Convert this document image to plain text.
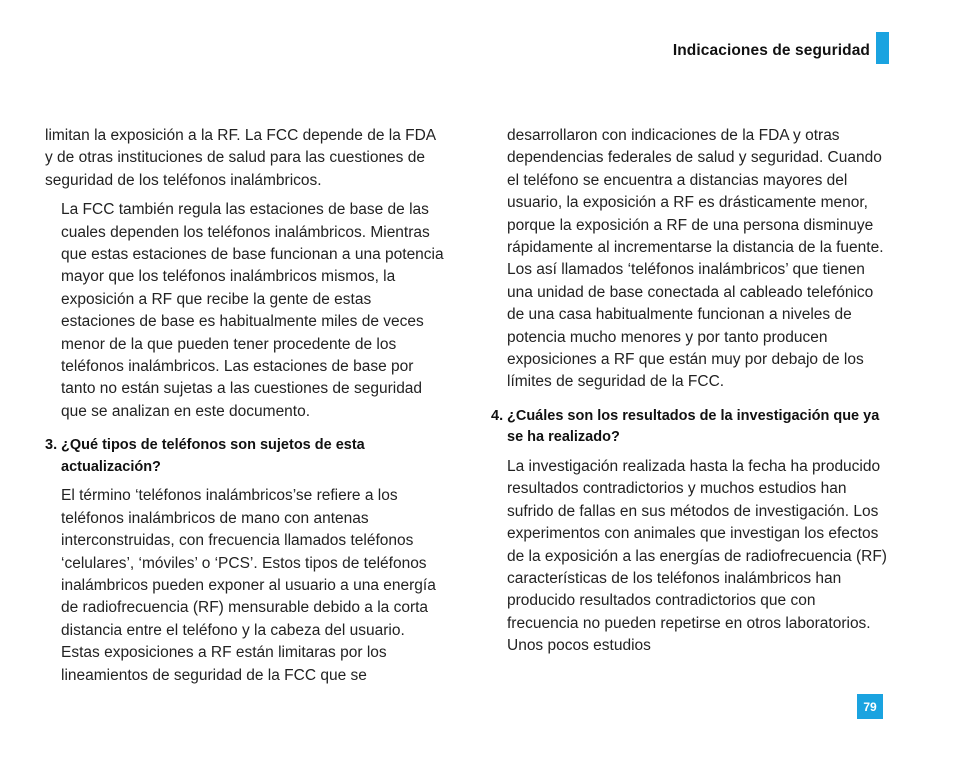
Indicaciones de seguridad

limitan la exposición a la RF. La FCC depende de la FDA y de otras instituciones de salud para las cuestiones de seguridad de los teléfonos inalámbricos.

La FCC también regula las estaciones de base de las cuales dependen los teléfonos inalámbricos. Mientras que estas estaciones de base funcionan a una potencia mayor que los teléfonos inalámbricos mismos, la exposición a RF que recibe la gente de estas estaciones de base es habitualmente miles de veces menor de la que pueden tener procedente de los teléfonos inalámbricos. Las estaciones de base por tanto no están sujetas a las cuestiones de seguridad que se analizan en este documento.

3. ¿Qué tipos de teléfonos son sujetos de esta actualización?

El término ‘teléfonos inalámbricos’se refiere a los teléfonos inalámbricos de mano con antenas interconstruidas, con frecuencia llamados teléfonos ‘celulares’, ‘móviles’ o ‘PCS’. Estos tipos de teléfonos inalámbricos pueden exponer al usuario a una energía de radiofrecuencia (RF) mensurable debido a la corta distancia entre el teléfono y la cabeza del usuario. Estas exposiciones a RF están limitaras por los lineamientos de seguridad de la FCC que se

desarrollaron con indicaciones de la FDA y otras dependencias federales de salud y seguridad. Cuando el teléfono se encuentra a distancias mayores del usuario, la exposición a RF es drásticamente menor, porque la exposición a RF de una persona disminuye rápidamente al incrementarse la distancia de la fuente. Los así llamados ‘teléfonos inalámbricos’ que tienen una unidad de base conectada al cableado telefónico de una casa habitualmente funcionan a niveles de potencia mucho menores y por tanto producen exposiciones a RF que están muy por debajo de los límites de seguridad de la FCC.

4. ¿Cuáles son los resultados de la investigación que ya se ha realizado?

La investigación realizada hasta la fecha ha producido resultados contradictorios y muchos estudios han sufrido de fallas en sus métodos de investigación. Los experimentos con animales que investigan los efectos de la exposición a las energías de radiofrecuencia (RF) características de los teléfonos inalámbricos han producido resultados contradictorios que con frecuencia no pueden repetirse en otros laboratorios. Unos pocos estudios

79
